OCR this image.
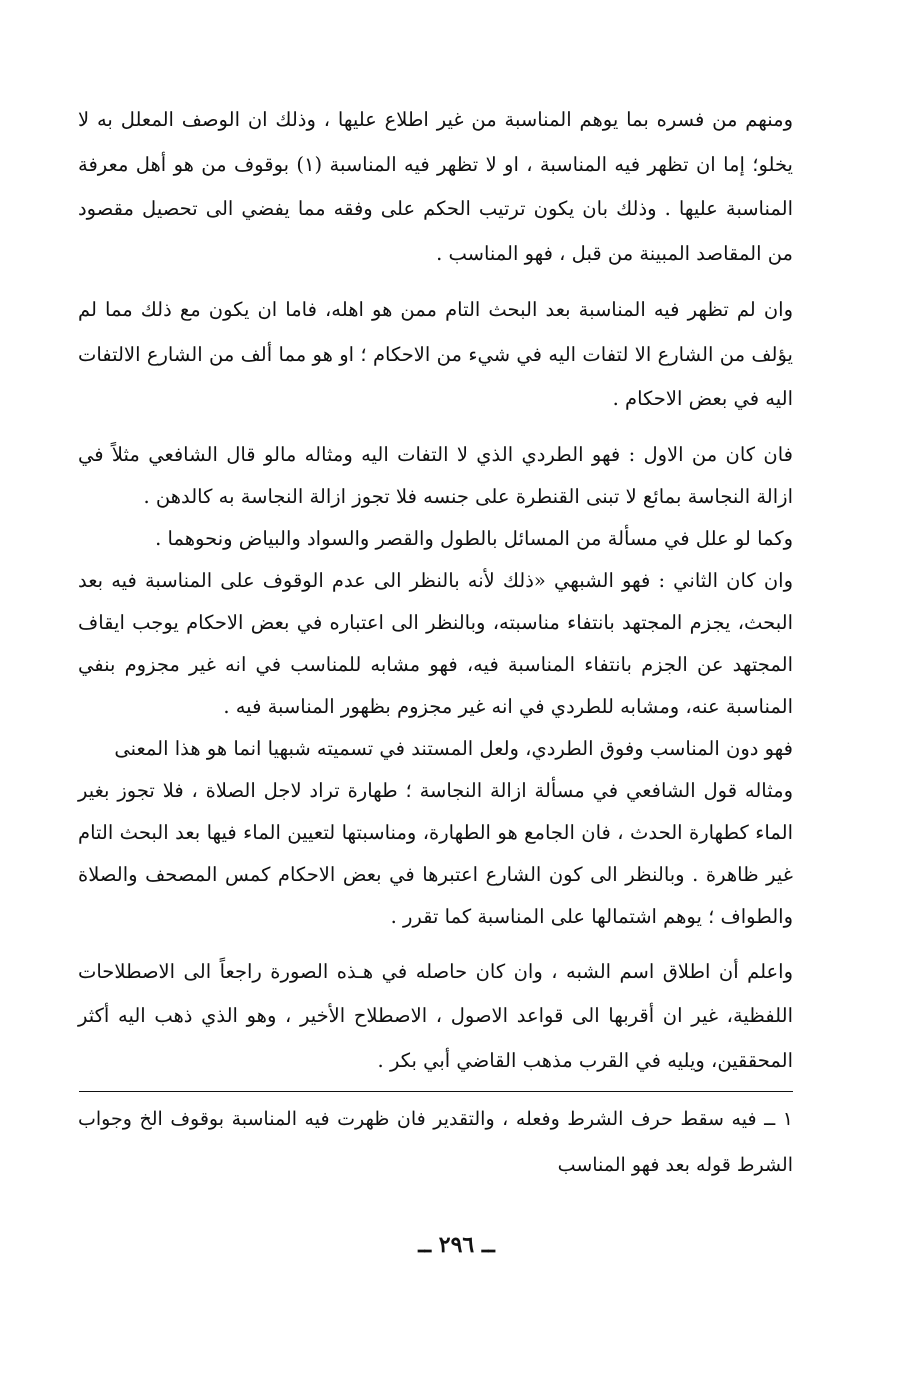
ومنهم من فسره بما يوهم المناسبة من غير اطلاع عليها ، وذلك ان الوصف المعلل به لا يخلو؛ إما ان تظهر فيه المناسبة ، او لا تظهر فيه المناسبة (١) بوقوف من هو أهل معرفة المناسبة عليها . وذلك بان يكون ترتيب الحكم على وفقه مما يفضي الى تحصيل مقصود من المقاصد المبينة من قبل ، فهو المناسب .

وان لم تظهر فيه المناسبة بعد البحث التام ممن هو اهله، فاما ان يكون مع ذلك مما لم يؤلف من الشارع الا لتفات اليه في شيء من الاحكام ؛ او هو مما ألف من الشارع الالتفات اليه في بعض الاحكام .

فان كان من الاول : فهو الطردي الذي لا التفات اليه ومثاله مالو قال الشافعي مثلاً في ازالة النجاسة بمائع لا تبنى القنطرة على جنسه فلا تجوز ازالة النجاسة به كالدهن .

وكما لو علل في مسألة من المسائل بالطول والقصر والسواد والبياض ونحوهما .

وان كان الثاني : فهو الشبهي «ذلك لأنه بالنظر الى عدم الوقوف على المناسبة فيه بعد البحث، يجزم المجتهد بانتفاء مناسبته، وبالنظر الى اعتباره في بعض الاحكام يوجب ايقاف المجتهد عن الجزم بانتفاء المناسبة فيه، فهو مشابه للمناسب في انه غير مجزوم بنفي المناسبة عنه، ومشابه للطردي في انه غير مجزوم بظهور المناسبة فيه .

فهو دون المناسب وفوق الطردي، ولعل المستند في تسميته شبهيا انما هو هذا المعنى

ومثاله قول الشافعي في مسألة ازالة النجاسة ؛ طهارة تراد لاجل الصلاة ، فلا تجوز بغير الماء كطهارة الحدث ، فان الجامع هو الطهارة، ومناسبتها لتعيين الماء فيها بعد البحث التام غير ظاهرة . وبالنظر الى كون الشارع اعتبرها في بعض الاحكام كمس المصحف والصلاة والطواف ؛ يوهم اشتمالها على المناسبة كما تقرر .

واعلم أن اطلاق اسم الشبه ، وان كان حاصله في هـذه الصورة راجعاً الى الاصطلاحات اللفظية، غير ان أقربها الى قواعد الاصول ، الاصطلاح الأخير ، وهو الذي ذهب اليه أكثر المحققين، ويليه في القرب مذهب القاضي أبي بكر .

١ ــ فيه سقط حرف الشرط وفعله ، والتقدير فان ظهرت فيه المناسبة بوقوف الخ وجواب الشرط قوله بعد فهو المناسب

ــ ٢٩٦ ــ
